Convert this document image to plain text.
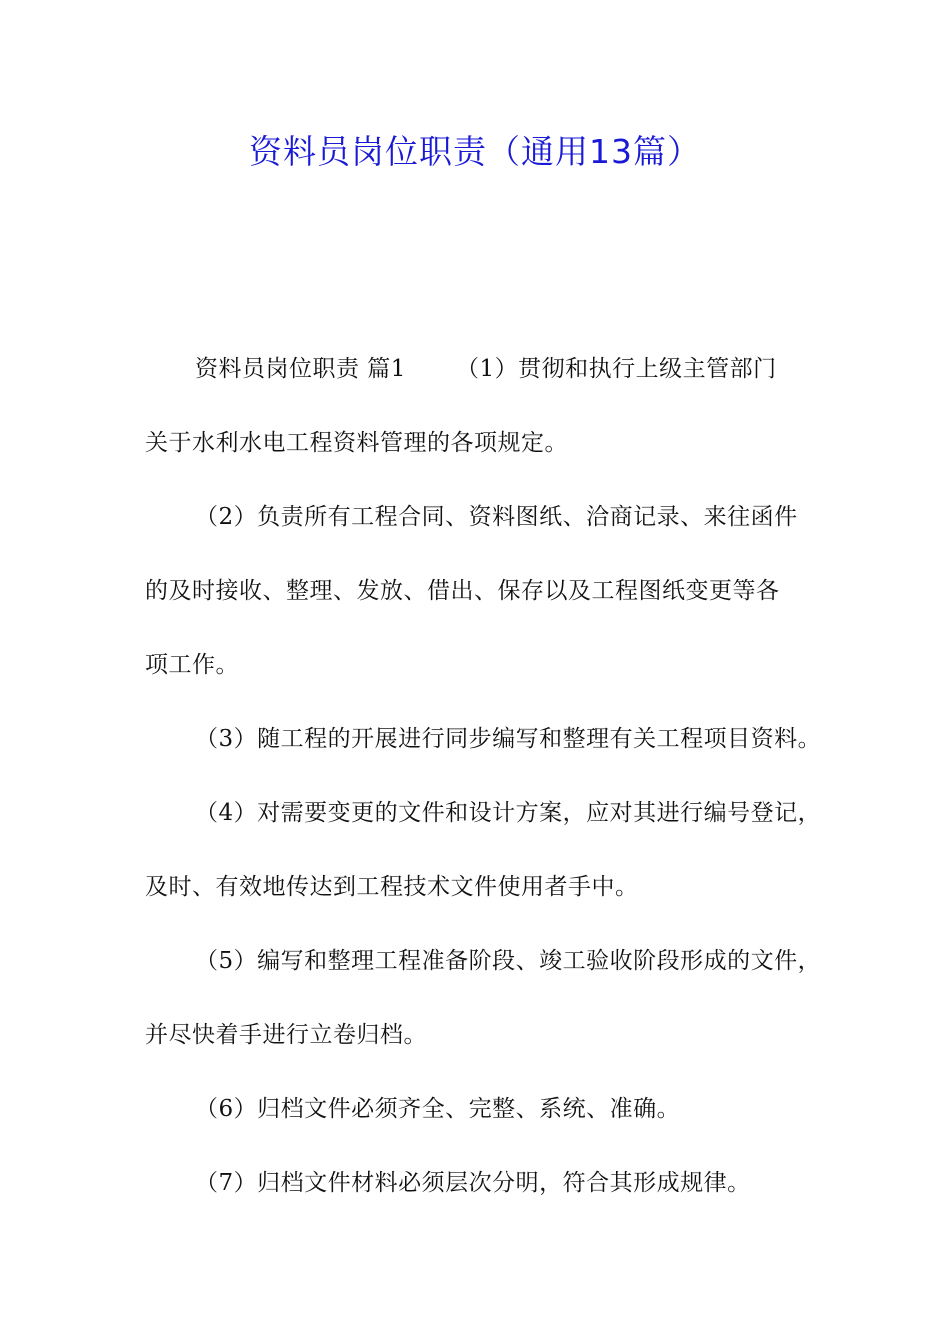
资料员岗位职责（通用13篇）

资料员岗位职责 篇1 （1）贯彻和执行上级主管部门

关于水利水电工程资料管理的各项规定。

（2）负责所有工程合同、资料图纸、洽商记录、来往函件

的及时接收、整理、发放、借出、保存以及工程图纸变更等各

项工作。

（3）随工程的开展进行同步编写和整理有关工程项目资料。

（4）对需要变更的文件和设计方案，应对其进行编号登记，

及时、有效地传达到工程技术文件使用者手中。

（5）编写和整理工程准备阶段、竣工验收阶段形成的文件，

并尽快着手进行立卷归档。

（6）归档文件必须齐全、完整、系统、准确。

（7）归档文件材料必须层次分明，符合其形成规律。
